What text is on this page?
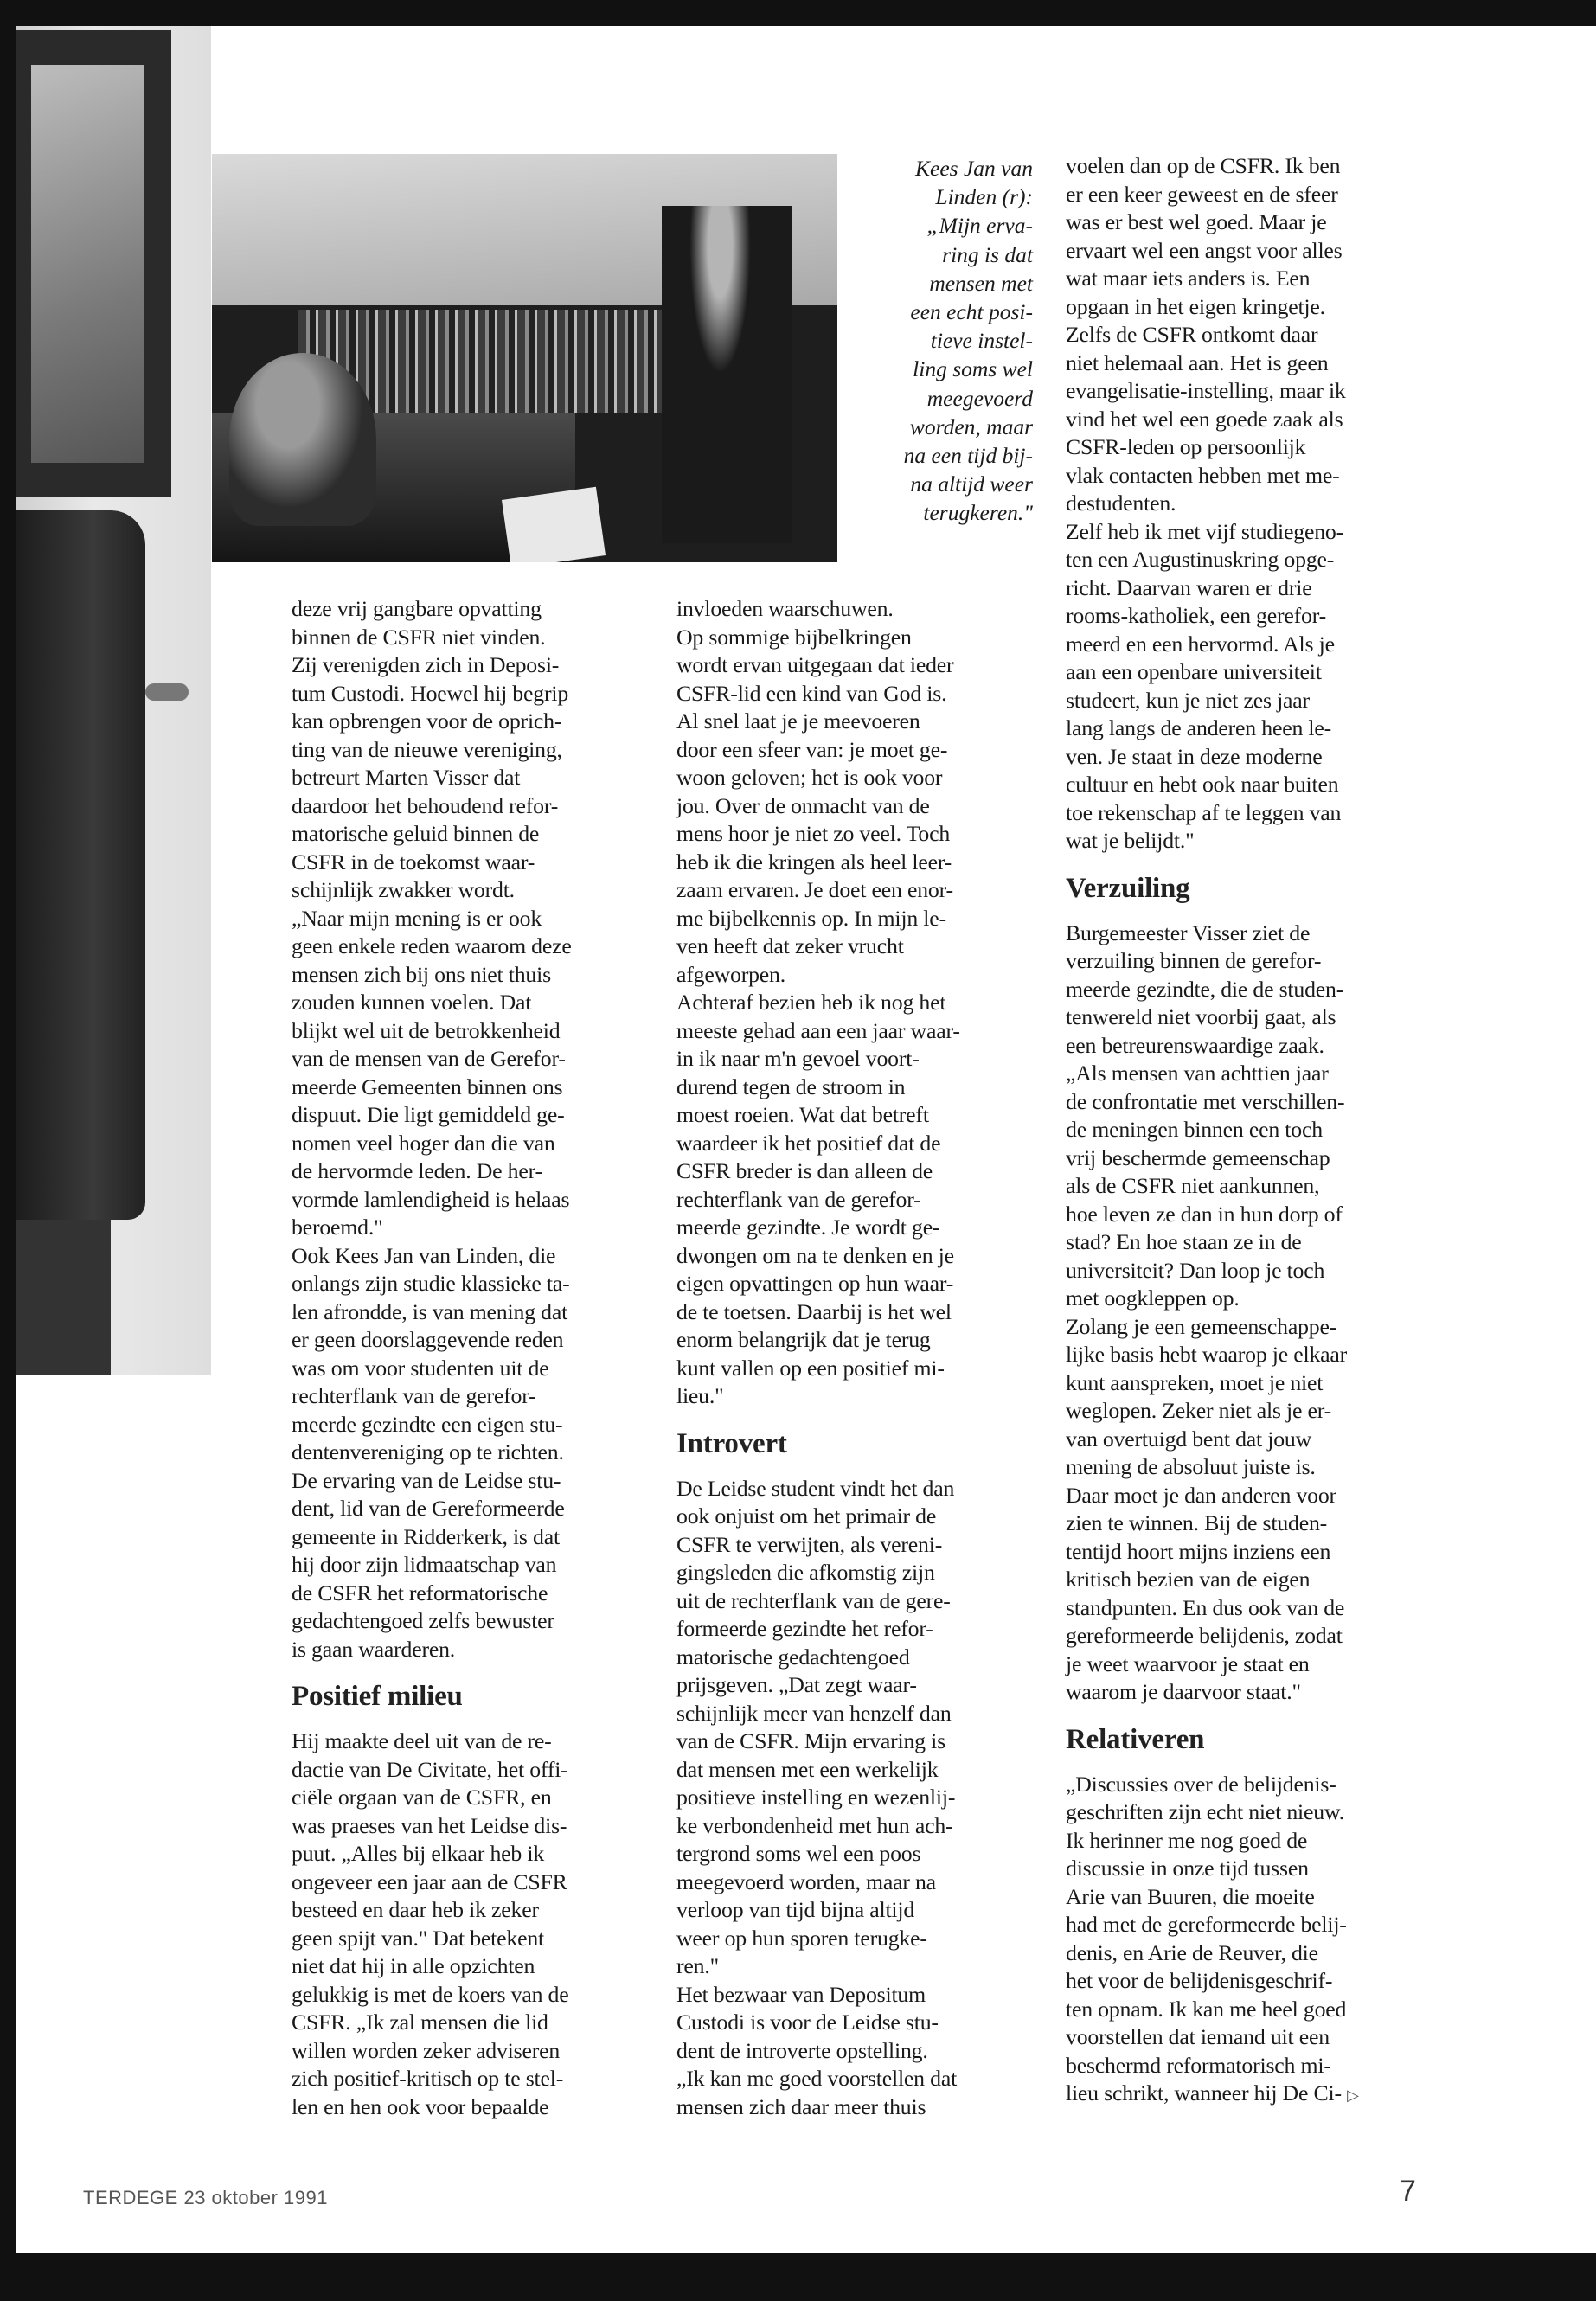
Kees Jan van
Linden (r):
„Mijn erva-
ring is dat
mensen met
een echt posi-
tieve instel-
ling soms wel
meegevoerd
worden, maar
na een tijd bij-
na altijd weer
terugkeren."
deze vrij gangbare opvatting
binnen de CSFR niet vinden.
Zij verenigden zich in Deposi-
tum Custodi. Hoewel hij begrip
kan opbrengen voor de oprich-
ting van de nieuwe vereniging,
betreurt Marten Visser dat
daardoor het behoudend refor-
matorische geluid binnen de
CSFR in de toekomst waar-
schijnlijk zwakker wordt.
„Naar mijn mening is er ook
geen enkele reden waarom deze
mensen zich bij ons niet thuis
zouden kunnen voelen. Dat
blijkt wel uit de betrokkenheid
van de mensen van de Gerefor-
meerde Gemeenten binnen ons
dispuut. Die ligt gemiddeld ge-
nomen veel hoger dan die van
de hervormde leden. De her-
vormde lamlendigheid is helaas
beroemd."
Ook Kees Jan van Linden, die
onlangs zijn studie klassieke ta-
len afrondde, is van mening dat
er geen doorslaggevende reden
was om voor studenten uit de
rechterflank van de gerefor-
meerde gezindte een eigen stu-
dentenvereniging op te richten.
De ervaring van de Leidse stu-
dent, lid van de Gereformeerde
gemeente in Ridderkerk, is dat
hij door zijn lidmaatschap van
de CSFR het reformatorische
gedachtengoed zelfs bewuster
is gaan waarderen.
Positief milieu
Hij maakte deel uit van de re-
dactie van De Civitate, het offi-
ciële orgaan van de CSFR, en
was praeses van het Leidse dis-
puut. „Alles bij elkaar heb ik
ongeveer een jaar aan de CSFR
besteed en daar heb ik zeker
geen spijt van." Dat betekent
niet dat hij in alle opzichten
gelukkig is met de koers van de
CSFR. „Ik zal mensen die lid
willen worden zeker adviseren
zich positief-kritisch op te stel-
len en hen ook voor bepaalde
invloeden waarschuwen.
Op sommige bijbelkringen
wordt ervan uitgegaan dat ieder
CSFR-lid een kind van God is.
Al snel laat je je meevoeren
door een sfeer van: je moet ge-
woon geloven; het is ook voor
jou. Over de onmacht van de
mens hoor je niet zo veel. Toch
heb ik die kringen als heel leer-
zaam ervaren. Je doet een enor-
me bijbelkennis op. In mijn le-
ven heeft dat zeker vrucht
afgeworpen.
Achteraf bezien heb ik nog het
meeste gehad aan een jaar waar-
in ik naar m'n gevoel voort-
durend tegen de stroom in
moest roeien. Wat dat betreft
waardeer ik het positief dat de
CSFR breder is dan alleen de
rechterflank van de gerefor-
meerde gezindte. Je wordt ge-
dwongen om na te denken en je
eigen opvattingen op hun waar-
de te toetsen. Daarbij is het wel
enorm belangrijk dat je terug
kunt vallen op een positief mi-
lieu."
Introvert
De Leidse student vindt het dan
ook onjuist om het primair de
CSFR te verwijten, als vereni-
gingsleden die afkomstig zijn
uit de rechterflank van de gere-
formeerde gezindte het refor-
matorische gedachtengoed
prijsgeven. „Dat zegt waar-
schijnlijk meer van henzelf dan
van de CSFR. Mijn ervaring is
dat mensen met een werkelijk
positieve instelling en wezenlij-
ke verbondenheid met hun ach-
tergrond soms wel een poos
meegevoerd worden, maar na
verloop van tijd bijna altijd
weer op hun sporen terugke-
ren."
Het bezwaar van Depositum
Custodi is voor de Leidse stu-
dent de introverte opstelling.
„Ik kan me goed voorstellen dat
mensen zich daar meer thuis
voelen dan op de CSFR. Ik ben
er een keer geweest en de sfeer
was er best wel goed. Maar je
ervaart wel een angst voor alles
wat maar iets anders is. Een
opgaan in het eigen kringetje.
Zelfs de CSFR ontkomt daar
niet helemaal aan. Het is geen
evangelisatie-instelling, maar ik
vind het wel een goede zaak als
CSFR-leden op persoonlijk
vlak contacten hebben met me-
destudenten.
Zelf heb ik met vijf studiegeno-
ten een Augustinuskring opge-
richt. Daarvan waren er drie
rooms-katholiek, een gerefor-
meerd en een hervormd. Als je
aan een openbare universiteit
studeert, kun je niet zes jaar
lang langs de anderen heen le-
ven. Je staat in deze moderne
cultuur en hebt ook naar buiten
toe rekenschap af te leggen van
wat je belijdt."
Verzuiling
Burgemeester Visser ziet de
verzuiling binnen de gerefor-
meerde gezindte, die de studen-
tenwereld niet voorbij gaat, als
een betreurenswaardige zaak.
„Als mensen van achttien jaar
de confrontatie met verschillen-
de meningen binnen een toch
vrij beschermde gemeenschap
als de CSFR niet aankunnen,
hoe leven ze dan in hun dorp of
stad? En hoe staan ze in de
universiteit? Dan loop je toch
met oogkleppen op.
Zolang je een gemeenschappe-
lijke basis hebt waarop je elkaar
kunt aanspreken, moet je niet
weglopen. Zeker niet als je er-
van overtuigd bent dat jouw
mening de absoluut juiste is.
Daar moet je dan anderen voor
zien te winnen. Bij de studen-
tentijd hoort mijns inziens een
kritisch bezien van de eigen
standpunten. En dus ook van de
gereformeerde belijdenis, zodat
je weet waarvoor je staat en
waarom je daarvoor staat."
Relativeren
„Discussies over de belijdenis-
geschriften zijn echt niet nieuw.
Ik herinner me nog goed de
discussie in onze tijd tussen
Arie van Buuren, die moeite
had met de gereformeerde belij-
denis, en Arie de Reuver, die
het voor de belijdenisgeschrif-
ten opnam. Ik kan me heel goed
voorstellen dat iemand uit een
beschermd reformatorisch mi-
lieu schrikt, wanneer hij De Ci- ▷
TERDEGE 23 oktober 1991	7
